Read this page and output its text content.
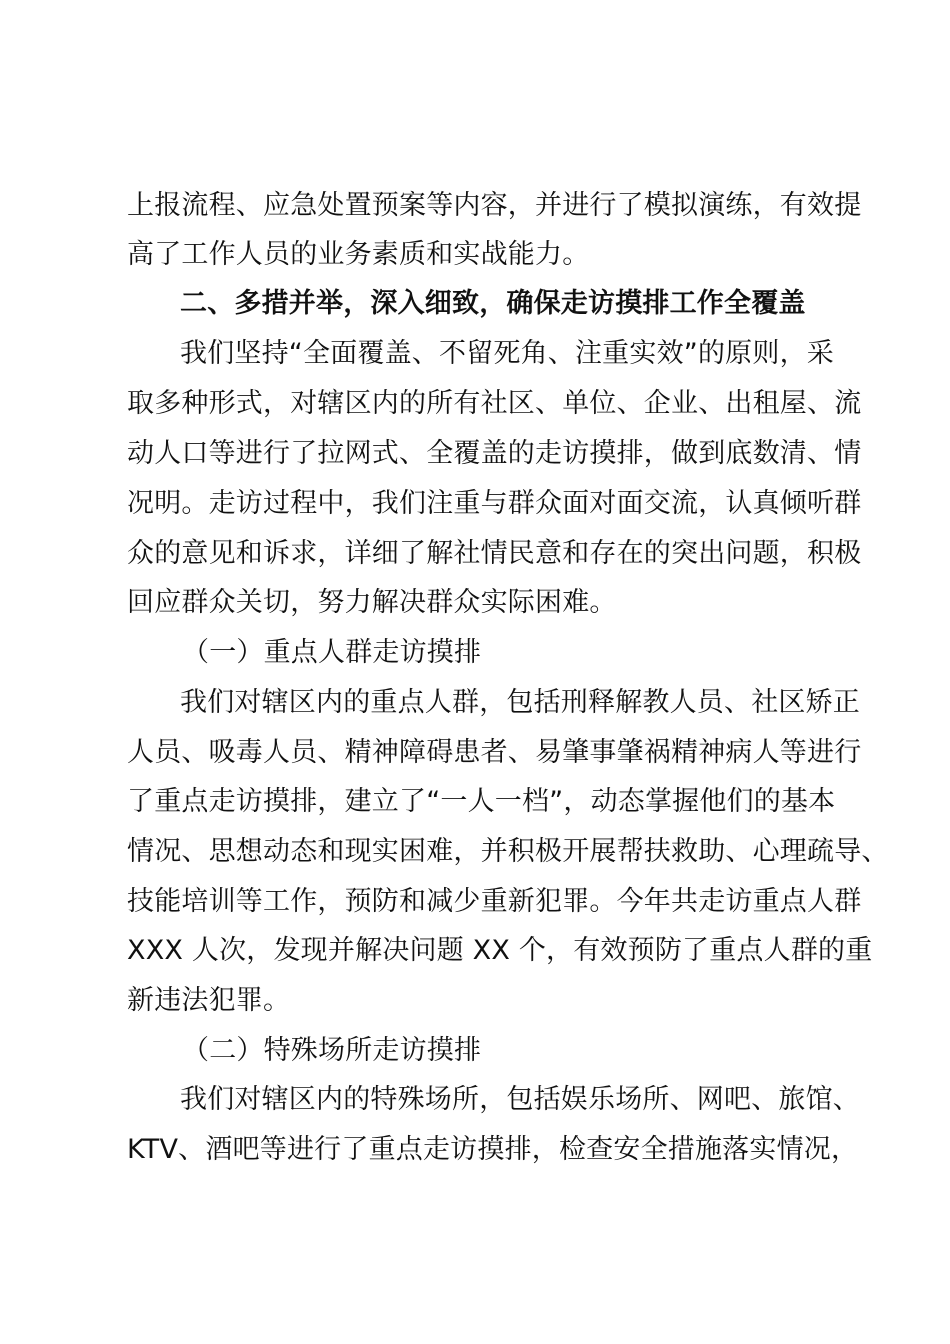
上报流程、应急处置预案等内容，并进行了模拟演练，有效提
高了工作人员的业务素质和实战能力。
二、多措并举，深入细致，确保走访摸排工作全覆盖
我们坚持“全面覆盖、不留死角、注重实效”的原则，采
取多种形式，对辖区内的所有社区、单位、企业、出租屋、流
动人口等进行了拉网式、全覆盖的走访摸排，做到底数清、情
况明。走访过程中，我们注重与群众面对面交流，认真倾听群
众的意见和诉求，详细了解社情民意和存在的突出问题，积极
回应群众关切，努力解决群众实际困难。
（一）重点人群走访摸排
我们对辖区内的重点人群，包括刑释解教人员、社区矫正
人员、吸毒人员、精神障碍患者、易肇事肇祸精神病人等进行
了重点走访摸排，建立了“一人一档”，动态掌握他们的基本
情况、思想动态和现实困难，并积极开展帮扶救助、心理疏导、
技能培训等工作，预防和减少重新犯罪。今年共走访重点人群
XXX 人次，发现并解决问题 XX 个，有效预防了重点人群的重
新违法犯罪。
（二）特殊场所走访摸排
我们对辖区内的特殊场所，包括娱乐场所、网吧、旅馆、
KTV、酒吧等进行了重点走访摸排，检查安全措施落实情况，
